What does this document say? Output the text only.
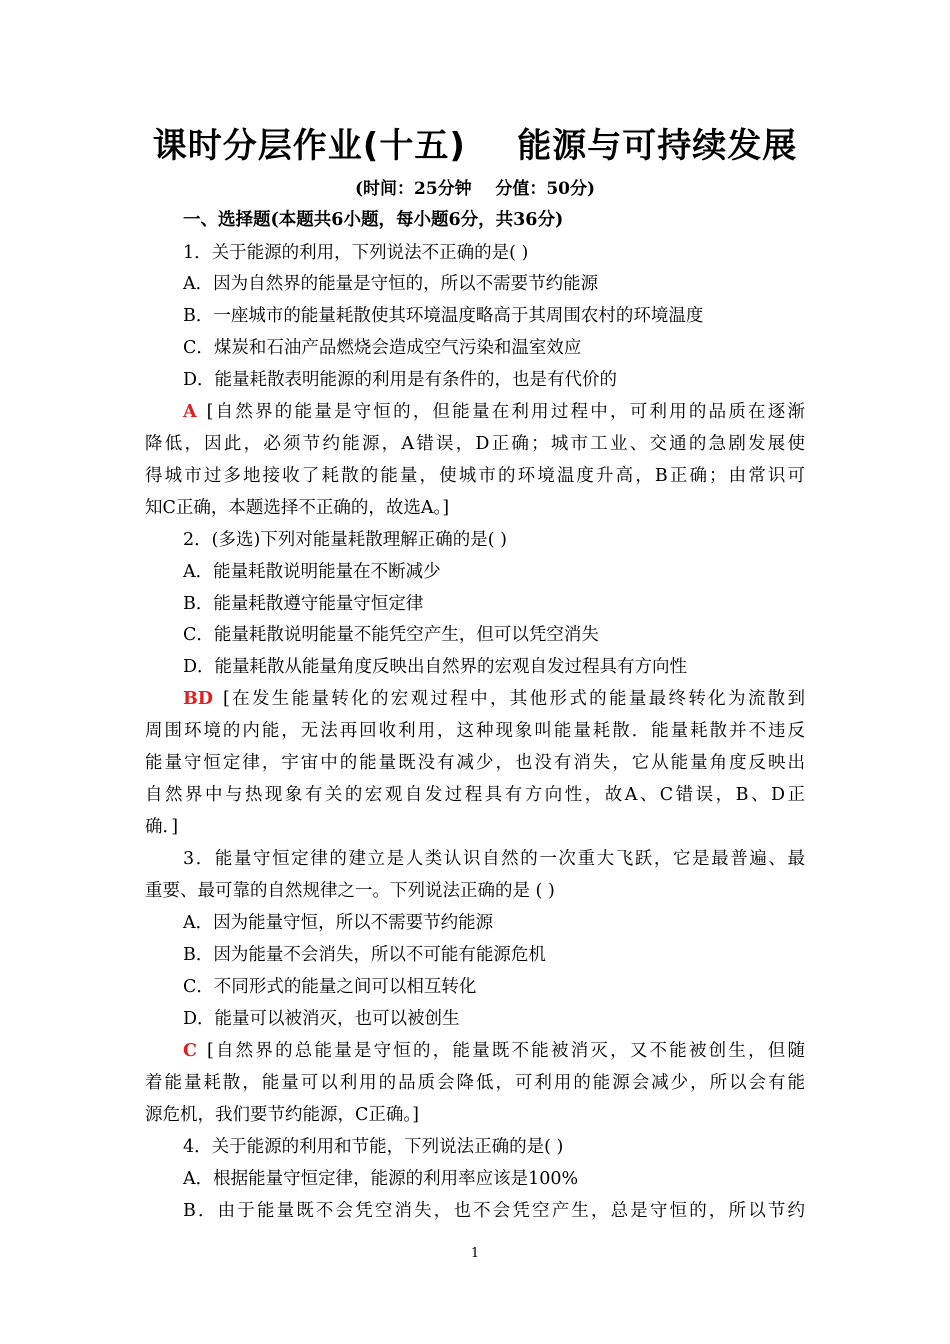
课时分层作业(十五)    能源与可持续发展
(时间：25分钟    分值：50分)
一、选择题(本题共6小题，每小题6分，共36分)
1．关于能源的利用，下列说法不正确的是( )
A．因为自然界的能量是守恒的，所以不需要节约能源
B．一座城市的能量耗散使其环境温度略高于其周围农村的环境温度
C．煤炭和石油产品燃烧会造成空气污染和温室效应
D．能量耗散表明能源的利用是有条件的，也是有代价的
A [自然界的能量是守恒的，但能量在利用过程中，可利用的品质在逐渐
降低，因此，必须节约能源，A错误，D正确；城市工业、交通的急剧发展使
得城市过多地接收了耗散的能量，使城市的环境温度升高，B正确；由常识可
知C正确，本题选择不正确的，故选A。]
2．(多选)下列对能量耗散理解正确的是( )
A．能量耗散说明能量在不断减少
B．能量耗散遵守能量守恒定律
C．能量耗散说明能量不能凭空产生，但可以凭空消失
D．能量耗散从能量角度反映出自然界的宏观自发过程具有方向性
BD [在发生能量转化的宏观过程中，其他形式的能量最终转化为流散到
周围环境的内能，无法再回收利用，这种现象叫能量耗散．能量耗散并不违反
能量守恒定律，宇宙中的能量既没有减少，也没有消失，它从能量角度反映出
自然界中与热现象有关的宏观自发过程具有方向性，故A、C错误，B、D正
确．]
3．能量守恒定律的建立是人类认识自然的一次重大飞跃，它是最普遍、最
重要、最可靠的自然规律之一。下列说法正确的是 ( )
A．因为能量守恒，所以不需要节约能源
B．因为能量不会消失，所以不可能有能源危机
C．不同形式的能量之间可以相互转化
D．能量可以被消灭，也可以被创生
C [自然界的总能量是守恒的，能量既不能被消灭，又不能被创生，但随
着能量耗散，能量可以利用的品质会降低，可利用的能源会减少，所以会有能
源危机，我们要节约能源，C正确。]
4．关于能源的利用和节能，下列说法正确的是( )
A．根据能量守恒定律，能源的利用率应该是100%
B．由于能量既不会凭空消失，也不会凭空产生，总是守恒的，所以节约
1
